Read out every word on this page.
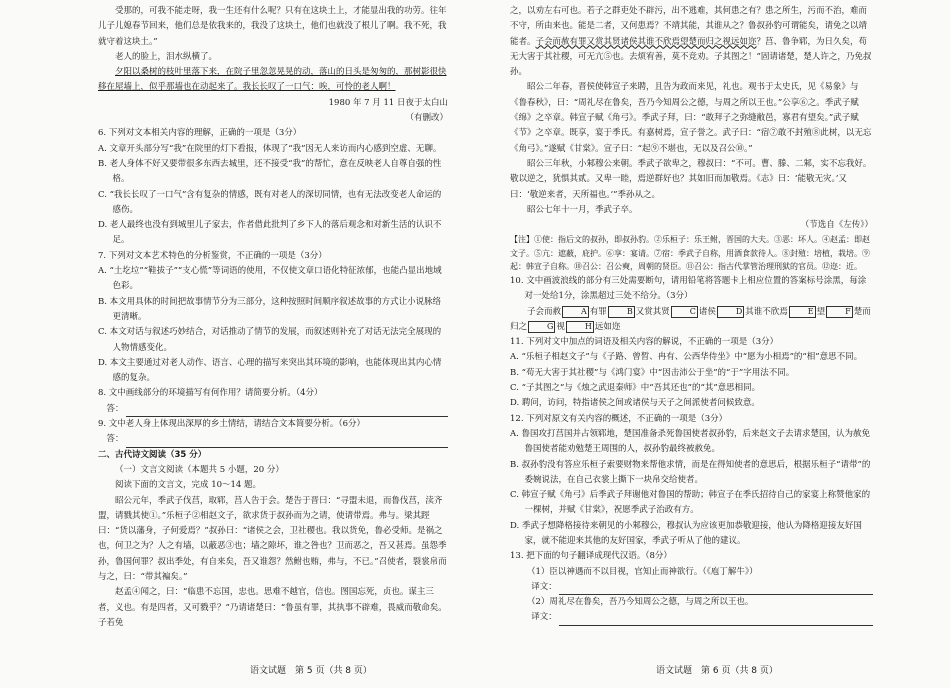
受那的，可我不能走呀，我一生还有什么呢？只有在这块土上，才能显出我的功劳。往年儿子儿媳春节回来，他们总是依我来的，我没了这块土，他们也就没了根儿了啊。我不死，我就守着这块土。”

老人的脸上，泪水纵横了。

夕阳以桑树的枝叶里落下来，在院子里忽忽晃晃的动，落山的日头是匆匆的，那树影很快移在屋墙上，似乎那墙也在动起来了。我长长叹了一口气：唉，可怜的老人啊！

1980 年 7 月 11 日夜于太白山

（有删改）

6. 下列对文本相关内容的理解，正确的一项是（3分）

A. 文章开头部分写“我”在院里的灯下看报，体现了“我”因无人来访而内心感到空虚、无聊。

B. 老人身体不好又要带很多东西去城里，还不接受“我”的帮忙，意在反映老人自尊自强的性格。

C. “我长长叹了一口气”含有复杂的情感，既有对老人的深切同情，也有无法改变老人命运的感伤。

D. 老人最终也没有到城里儿子家去，作者借此批判了乡下人的落后观念和对新生活的认识不足。

7. 下列对文本艺术特色的分析鉴赏，不正确的一项是（3分）

A. “土圪垃”“鞋拔子”“支心慌”等词语的使用，不仅使文章口语化特征浓郁，也能凸显出地域色彩。

B. 本文用具体的时间把故事情节分为三部分，这种按照时间顺序叙述故事的方式让小说脉络更清晰。

C. 本文对话与叙述巧妙结合，对话推动了情节的发展，而叙述则补充了对话无法完全展现的人物情感变化。

D. 本文主要通过对老人动作、语言、心理的描写来突出其环境的影响，也能体现出其内心情感的复杂。

8. 文中画线部分的环境描写有何作用？请简要分析。（4分）

答：

9. 文中老人身上体现出深厚的乡土情结，请结合文本简要分析。（6分）

答：

二、古代诗文阅读（35 分）

（一）文言文阅读（本题共 5 小题，20 分）

阅读下面的文言文，完成 10～14 题。

昭公元年，季武子伐莒，取郓，莒人告于会。楚告于晋曰：“寻盟未退，而鲁伐莒，渎齐盟，请戮其使①。”乐桓子②相赵文子，欲求货于叔孙而为之请，使请带焉。弗与。梁其踁曰：“货以藩身，子何爱焉？”叔孙曰：“诸侯之会，卫社稷也。我以货免，鲁必受师。是祸之也，何卫之为？人之有墙，以蔽恶③也；墙之隙坏，谁之咎也？卫而恶之，吾又甚焉。虽怨季孙，鲁国何罪？叔出季处，有自来矣，吾又谁怨？然鲋也贿，弗与，不已。”召使者，裂裳帛而与之，曰：“带其褊矣。”

赵孟④闻之，曰：“临患不忘国，忠也。思难不越官，信也。图国忘死，贞也。谋主三者，义也。有是四者，又可戮乎？”乃请诸楚曰：“鲁虽有罪，其执事不辟难，畏威而敬命矣。子若免

之，以劝左右可也。若子之群吏处不辟污，出不逃难，其何患之有？患之所生，污而不治，难而不守，所由来也。能是二者，又何患焉？不靖其能，其谁从之？鲁叔孙豹可谓能矣，请免之以靖能者。子会而赦有罪又赏其贤诸侯其谁不欣焉望楚而归之视远如迩？莒、鲁争郓，为日久矣，苟无大害于其社稷，可无亢⑤也。去烦宥善，莫不竞劝。子其图之！”固请诸楚，楚人许之，乃免叔孙。

昭公二年春，晋侯使韩宣子来聘，且告为政而来见，礼也。观书于太史氏，见《易象》与《鲁春秋》，曰：“周礼尽在鲁矣，吾乃今知周公之德，与周之所以王也。”公享⑥之。季武子赋《绵》之卒章。韩宣子赋《角弓》。季武子拜，曰：“敢拜子之弥缝敝邑，寡君有望矣。”武子赋《节》之卒章。既享，宴于季氏。有嘉树焉，宣子誉之。武子曰：“宿⑦敢不封殖⑧此树，以无忘《角弓》。”遂赋《甘棠》。宣子曰：“起⑨不堪也，无以及召公⑩。”

昭公三年秋，小邾穆公来朝。季武子欲卑之，穆叔曰：“不可。曹、滕、二邾，实不忘我好。敬以逆之，犹惧其贰。又卑一睦，焉逆群好也？其如旧而加敬焉。《志》曰：‘能敬无灾。’又曰：‘敬逆来者，天所福也。’”季孙从之。

昭公七年十一月，季武子卒。

（节选自《左传》）

【注】①使：指后文的叔孙，即叔孙豹。②乐桓子：乐王鲋，晋国的大夫。③恶：坏人。④赵孟：即赵文子。⑤亢：遮蔽，庇护。⑥享：宴请。⑦宿：季武子自称，用酒食款待人。⑧封殖：培植，栽培。⑨起：韩宣子自称。⑩召公：召公奭，周朝的贤臣。⑪召公：指古代掌管治理刑狱的官员。⑫迩：近。

10. 文中画波浪线的部分有三处需要断句，请用铅笔将答题卡上相应位置的答案标号涂黑，每涂对一处给1分，涂黑超过三处不给分。（3分）

子会而赦	A 有罪	B 又赏其贤	C 诸侯	D 其谁不欣焉	E 望	F 楚而归之	G 视	H 远如迩

11. 下列对文中加点的词语及相关内容的解说，不正确的一项是（3分）

A. “乐桓子相赵文子”与《子路、曾晳、冉有、公西华侍坐》中“愿为小相焉”的“相”意思不同。

B. “苟无大害于其社稷”与《鸿门宴》中“因击沛公于坐”的“于”字用法不同。

C. “子其图之”与《烛之武退秦师》中“吾其还也”的“其”意思相同。

D. 聘问，访问，特指诸侯之间或诸侯与天子之间派使者问候致意。

12. 下列对原文有关内容的概述，不正确的一项是（3分）

A. 鲁国攻打莒国并占领郓地，楚国准备杀死鲁国使者叔孙豹，后来赵文子去请求楚国，认为赦免鲁国使者能劝勉楚王周围的人，叔孙豹最终被赦免。

B. 叔孙豹没有答应乐桓子索要财物来帮他求情，而是在得知使者的意思后，根据乐桓子“请带”的委婉说法，在自己衣裳上撕下一块帛交给使者。

C. 韩宣子赋《角弓》后季武子拜谢他对鲁国的帮助；韩宣子在季氏招待自己的家宴上称赞他家的一棵树，并赋《甘棠》，祝愿季武子治政有方。

D. 季武子想降格接待来朝见的小邾穆公，穆叔认为应该更加恭敬迎接，他认为降格迎接友好国家，就不能迎来其他的友好国家，季武子听从了他的建议。

13. 把下面的句子翻译成现代汉语。（8分）

（1）臣以神遇而不以目视，官知止而神欲行。（《庖丁解牛》）

译文：

（2）周礼尽在鲁矣，吾乃今知周公之德，与周之所以王也。

译文：
语文试题　第 5 页（共 8 页）	语文试题　第 6 页（共 8 页）
